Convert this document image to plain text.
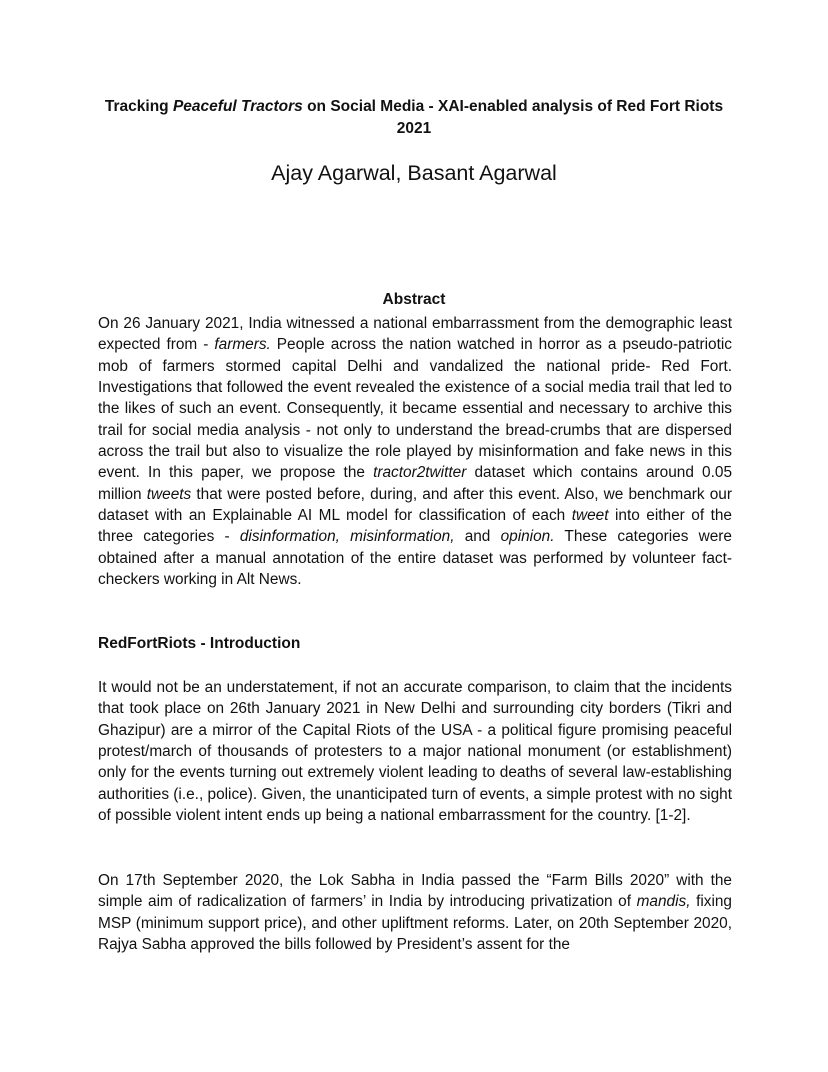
Tracking Peaceful Tractors on Social Media - XAI-enabled analysis of Red Fort Riots 2021
Ajay Agarwal, Basant Agarwal
Abstract
On 26 January 2021, India witnessed a national embarrassment from the demographic least expected from - farmers. People across the nation watched in horror as a pseudo-patriotic mob of farmers stormed capital Delhi and vandalized the national pride- Red Fort. Investigations that followed the event revealed the existence of a social media trail that led to the likes of such an event. Consequently, it became essential and necessary to archive this trail for social media analysis - not only to understand the bread-crumbs that are dispersed across the trail but also to visualize the role played by misinformation and fake news in this event. In this paper, we propose the tractor2twitter dataset which contains around 0.05 million tweets that were posted before, during, and after this event. Also, we benchmark our dataset with an Explainable AI ML model for classification of each tweet into either of the three categories - disinformation, misinformation, and opinion. These categories were obtained after a manual annotation of the entire dataset was performed by volunteer fact-checkers working in Alt News.
RedFortRiots - Introduction
It would not be an understatement, if not an accurate comparison, to claim that the incidents that took place on 26th January 2021 in New Delhi and surrounding city borders (Tikri and Ghazipur) are a mirror of the Capital Riots of the USA - a political figure promising peaceful protest/march of thousands of protesters to a major national monument (or establishment) only for the events turning out extremely violent leading to deaths of several law-establishing authorities (i.e., police). Given, the unanticipated turn of events, a simple protest with no sight of possible violent intent ends up being a national embarrassment for the country. [1-2].
On 17th September 2020, the Lok Sabha in India passed the “Farm Bills 2020” with the simple aim of radicalization of farmers’ in India by introducing privatization of mandis, fixing MSP (minimum support price), and other upliftment reforms. Later, on 20th September 2020, Rajya Sabha approved the bills followed by President’s assent for the
